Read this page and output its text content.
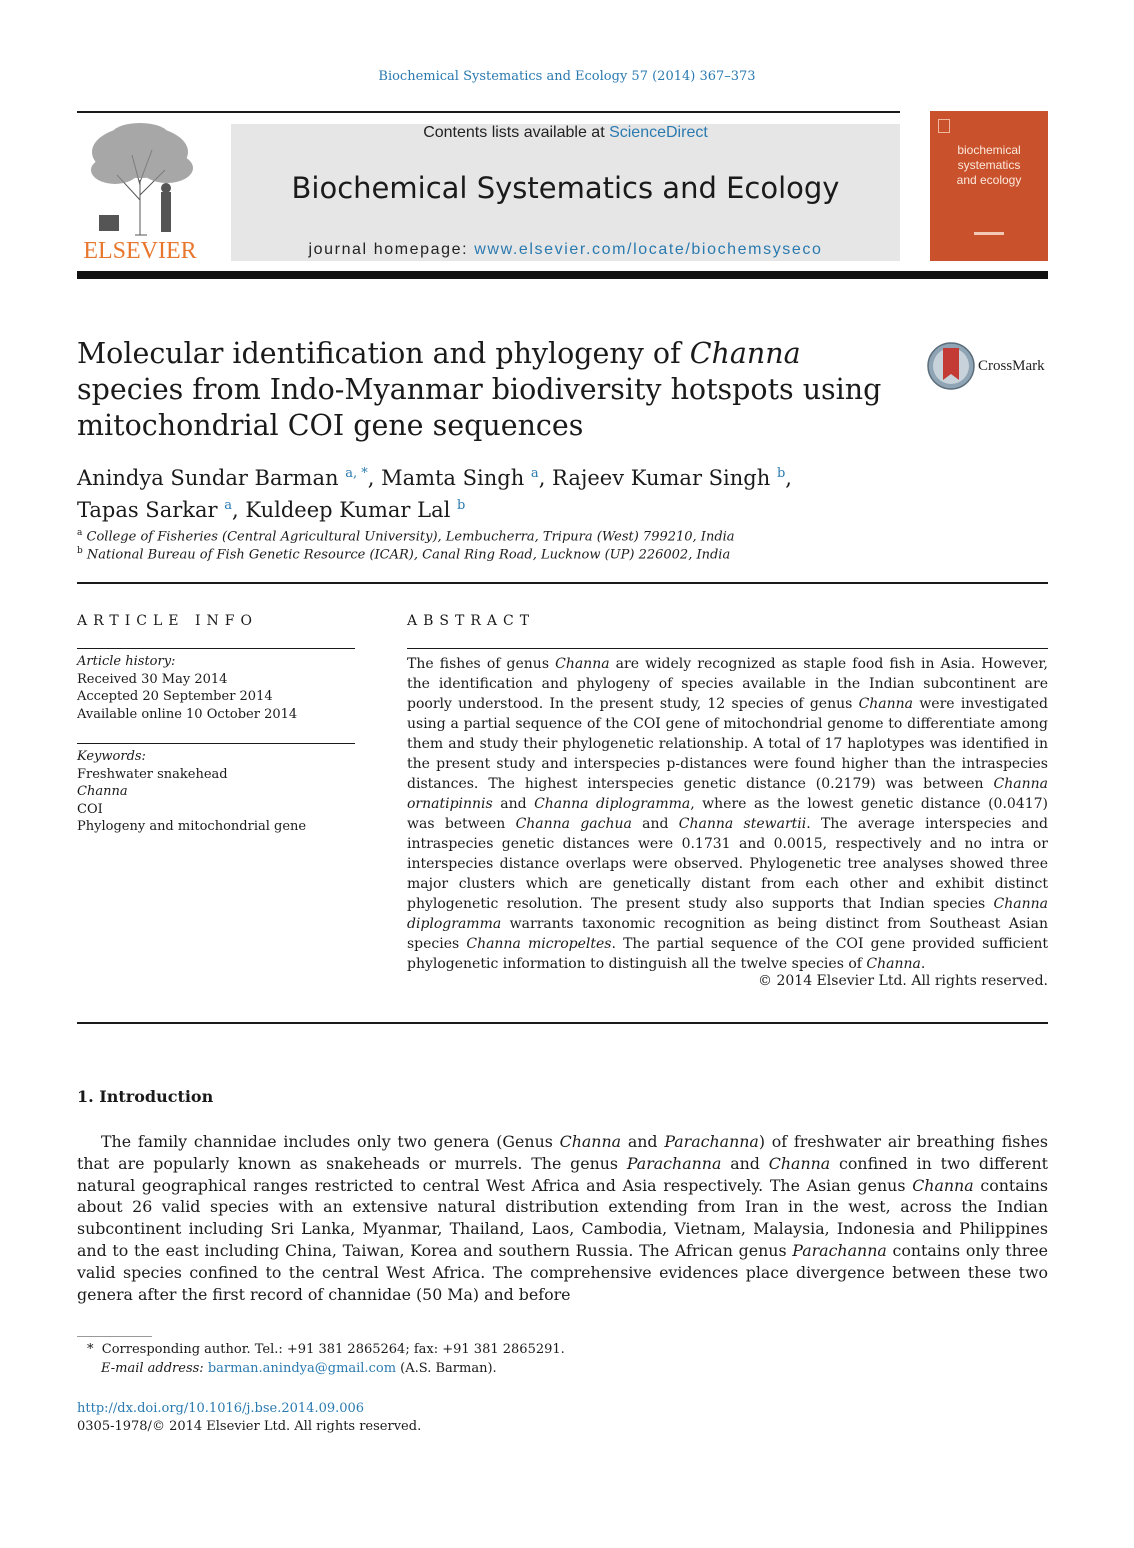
Biochemical Systematics and Ecology 57 (2014) 367–373
ELSEVIER
Contents lists available at ScienceDirect
Biochemical Systematics and Ecology
journal homepage: www.elsevier.com/locate/biochemsyseco
biochemical
systematics
and ecology
Molecular identification and phylogeny of Channa species from Indo-Myanmar biodiversity hotspots using mitochondrial COI gene sequences
CrossMark
Anindya Sundar Barman $^{a, *}$, Mamta Singh $^a$, Rajeev Kumar Singh $^b$,
Tapas Sarkar $^a$, Kuldeep Kumar Lal $^b$
$^a$ College of Fisheries (Central Agricultural University), Lembucherra, Tripura (West) 799210, India
$^b$ National Bureau of Fish Genetic Resource (ICAR), Canal Ring Road, Lucknow (UP) 226002, India
ARTICLE INFO
Article history:
Received 30 May 2014
Accepted 20 September 2014
Available online 10 October 2014
Keywords:
Freshwater snakehead
Channa
COI
Phylogeny and mitochondrial gene
ABSTRACT
The fishes of genus Channa are widely recognized as staple food fish in Asia. However, the identification and phylogeny of species available in the Indian subcontinent are poorly understood. In the present study, 12 species of genus Channa were investigated using a partial sequence of the COI gene of mitochondrial genome to differentiate among them and study their phylogenetic relationship. A total of 17 haplotypes was identified in the present study and interspecies p-distances were found higher than the intraspecies distances. The highest interspecies genetic distance (0.2179) was between Channa ornatipinnis and Channa diplogramma, where as the lowest genetic distance (0.0417) was between Channa gachua and Channa stewartii. The average interspecies and intraspecies genetic distances were 0.1731 and 0.0015, respectively and no intra or interspecies distance overlaps were observed. Phylogenetic tree analyses showed three major clusters which are genetically distant from each other and exhibit distinct phylogenetic resolution. The present study also supports that Indian species Channa diplogramma warrants taxonomic recognition as being distinct from Southeast Asian species Channa micropeltes. The partial sequence of the COI gene provided sufficient phylogenetic information to distinguish all the twelve species of Channa.
© 2014 Elsevier Ltd. All rights reserved.
1. Introduction
The family channidae includes only two genera (Genus Channa and Parachanna) of freshwater air breathing fishes that are popularly known as snakeheads or murrels. The genus Parachanna and Channa confined in two different natural geographical ranges restricted to central West Africa and Asia respectively. The Asian genus Channa contains about 26 valid species with an extensive natural distribution extending from Iran in the west, across the Indian subcontinent including Sri Lanka, Myanmar, Thailand, Laos, Cambodia, Vietnam, Malaysia, Indonesia and Philippines and to the east including China, Taiwan, Korea and southern Russia. The African genus Parachanna contains only three valid species confined to the central West Africa. The comprehensive evidences place divergence between these two genera after the first record of channidae (50 Ma) and before
* Corresponding author. Tel.: +91 381 2865264; fax: +91 381 2865291.
E-mail address: barman.anindya@gmail.com (A.S. Barman).
http://dx.doi.org/10.1016/j.bse.2014.09.006
0305-1978/© 2014 Elsevier Ltd. All rights reserved.
